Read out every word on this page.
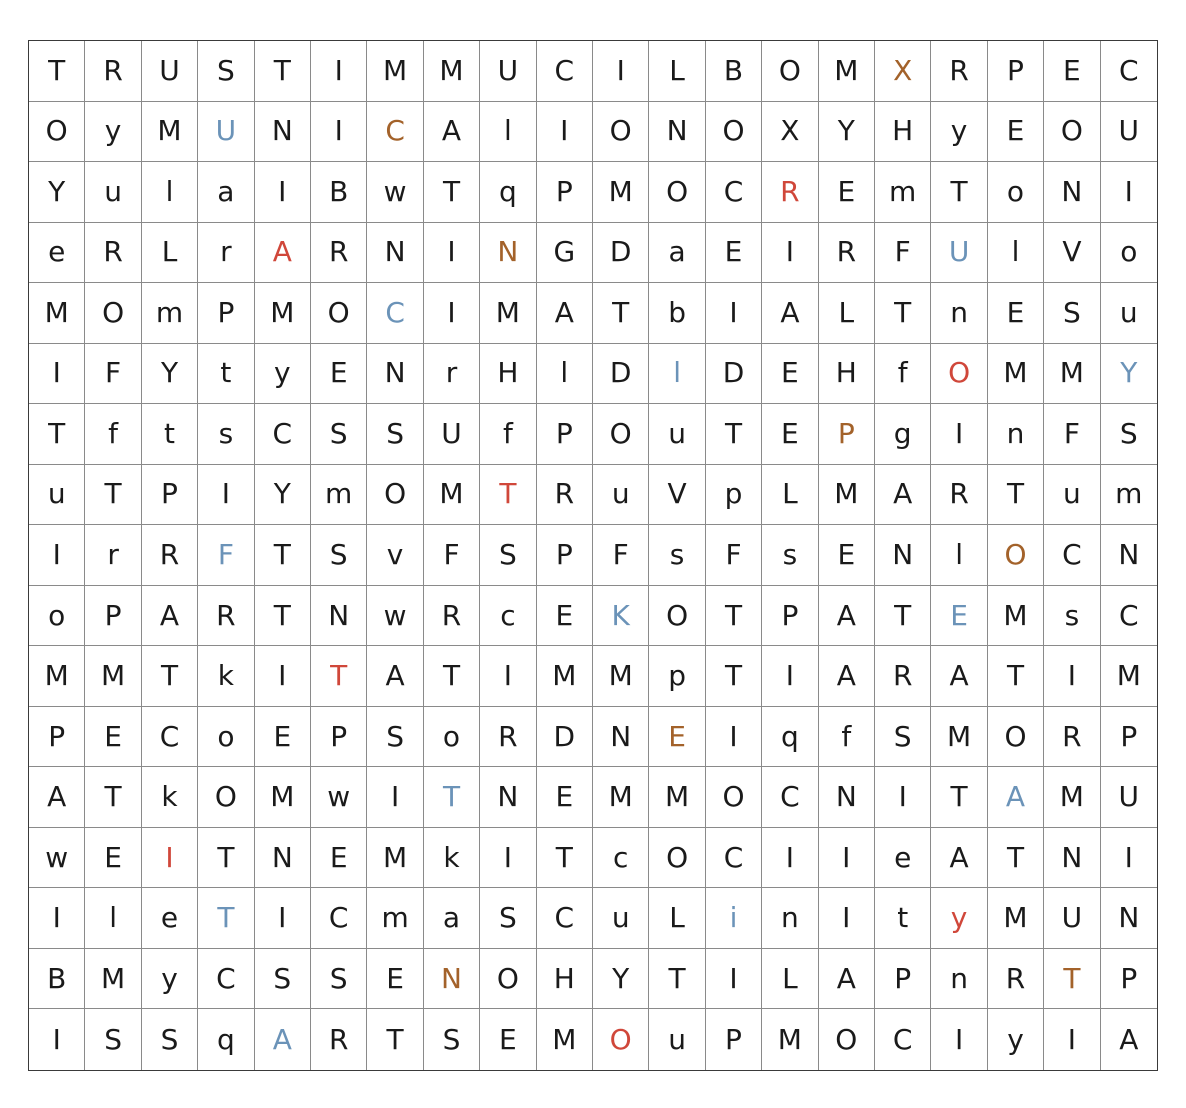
T	R	U	S	T	I	M	M	U	C	I	L	B	O	M	X	R	P	E	C
O	y	M	U	N	I	C	A	l	I	O	N	O	X	Y	H	y	E	O	U
Y	u	l	a	I	B	w	T	q	P	M	O	C	R	E	m	T	o	N	I
e	R	L	r	A	R	N	I	N	G	D	a	E	I	R	F	U	l	V	o
M	O	m	P	M	O	C	I	M	A	T	b	I	A	L	T	n	E	S	u
I	F	Y	t	y	E	N	r	H	l	D	l	D	E	H	f	O	M	M	Y
T	f	t	s	C	S	S	U	f	P	O	u	T	E	P	g	I	n	F	S
u	T	P	I	Y	m	O	M	T	R	u	V	p	L	M	A	R	T	u	m
I	r	R	F	T	S	v	F	S	P	F	s	F	s	E	N	l	O	C	N
o	P	A	R	T	N	w	R	c	E	K	O	T	P	A	T	E	M	s	C
M	M	T	k	I	T	A	T	I	M	M	p	T	I	A	R	A	T	I	M
P	E	C	o	E	P	S	o	R	D	N	E	I	q	f	S	M	O	R	P
A	T	k	O	M	w	I	T	N	E	M	M	O	C	N	I	T	A	M	U
w	E	I	T	N	E	M	k	I	T	c	O	C	I	I	e	A	T	N	I
I	l	e	T	I	C	m	a	S	C	u	L	i	n	I	t	y	M	U	N
B	M	y	C	S	S	E	N	O	H	Y	T	I	L	A	P	n	R	T	P
I	S	S	q	A	R	T	S	E	M	O	u	P	M	O	C	I	y	I	A
